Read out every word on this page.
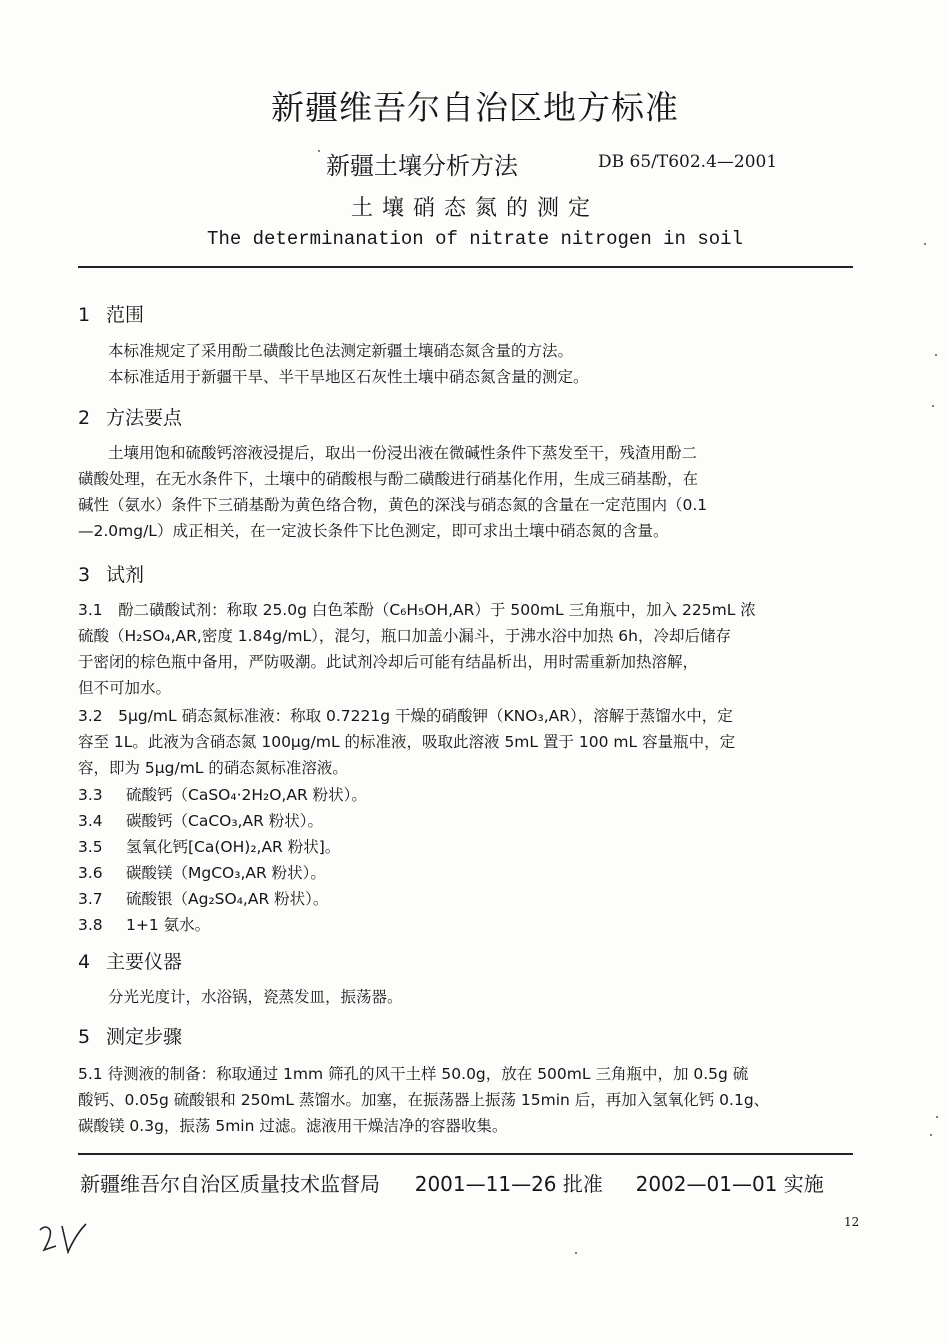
新疆维吾尔自治区地方标准
新疆土壤分析方法	DB 65/T602.4—2001
土壤硝态氮的测定
The determinanation of nitrate nitrogen in soil
1 范围
本标准规定了采用酚二磺酸比色法测定新疆土壤硝态氮含量的方法。
本标准适用于新疆干旱、半干旱地区石灰性土壤中硝态氮含量的测定。
2 方法要点
土壤用饱和硫酸钙溶液浸提后，取出一份浸出液在微碱性条件下蒸发至干，残渣用酚二
磺酸处理，在无水条件下，土壤中的硝酸根与酚二磺酸进行硝基化作用，生成三硝基酚，在
碱性（氨水）条件下三硝基酚为黄色络合物，黄色的深浅与硝态氮的含量在一定范围内（0.1
—2.0mg/L）成正相关，在一定波长条件下比色测定，即可求出土壤中硝态氮的含量。
3 试剂
3.1　酚二磺酸试剂：称取 25.0g 白色苯酚（C₆H₅OH,AR）于 500mL 三角瓶中，加入 225mL 浓
硫酸（H₂SO₄,AR,密度 1.84g/mL），混匀，瓶口加盖小漏斗，于沸水浴中加热 6h，冷却后储存
于密闭的棕色瓶中备用，严防吸潮。此试剂冷却后可能有结晶析出，用时需重新加热溶解，
但不可加水。
3.2　5μg/mL 硝态氮标准液：称取 0.7221g 干燥的硝酸钾（KNO₃,AR），溶解于蒸馏水中，定
容至 1L。此液为含硝态氮 100μg/mL 的标准液，吸取此溶液 5mL 置于 100 mL 容量瓶中，定
容，即为 5μg/mL 的硝态氮标准溶液。
3.3 硫酸钙（CaSO₄·2H₂O,AR 粉状）。
3.4 碳酸钙（CaCO₃,AR 粉状）。
3.5 氢氧化钙[Ca(OH)₂,AR 粉状]。
3.6 碳酸镁（MgCO₃,AR 粉状）。
3.7 硫酸银（Ag₂SO₄,AR 粉状）。
3.8 1+1 氨水。
4 主要仪器
分光光度计，水浴锅，瓷蒸发皿，振荡器。
5 测定步骤
5.1 待测液的制备：称取通过 1mm 筛孔的风干土样 50.0g，放在 500mL 三角瓶中，加 0.5g 硫
酸钙、0.05g 硫酸银和 250mL 蒸馏水。加塞，在振荡器上振荡 15min 后，再加入氢氧化钙 0.1g、
碳酸镁 0.3g，振荡 5min 过滤。滤液用干燥洁净的容器收集。
新疆维吾尔自治区质量技术监督局 2001—11—26 批准 2002—01—01 实施
12
